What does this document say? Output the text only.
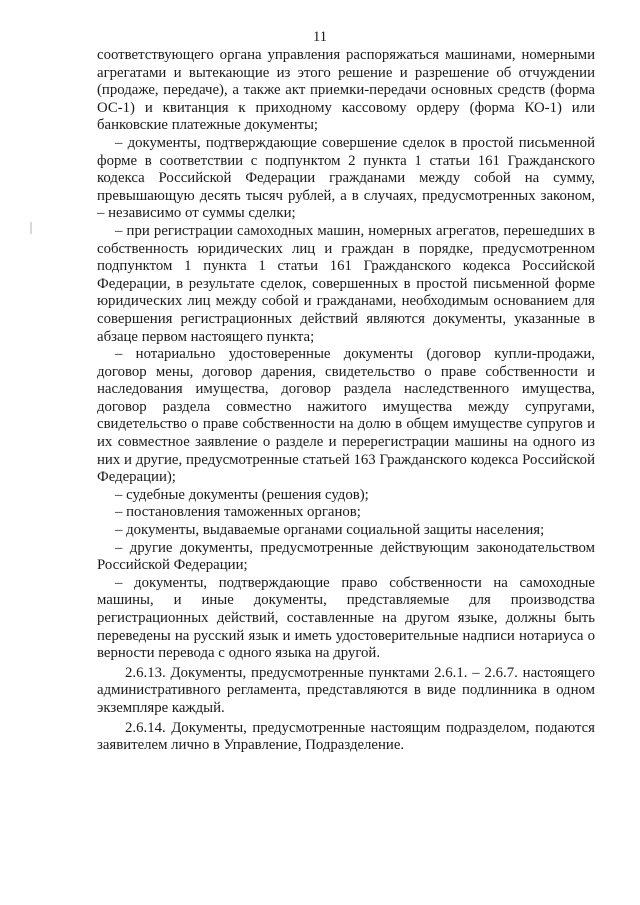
11

соответствующего органа управления распоряжаться машинами, номерными агрегатами и вытекающие из этого решение и разрешение об отчуждении (продаже, передаче), а также акт приемки-передачи основных средств (форма ОС-1) и квитанция к приходному кассовому ордеру (форма КО-1) или банковские платежные документы;

– документы, подтверждающие совершение сделок в простой письменной форме в соответствии с подпунктом 2 пункта 1 статьи 161 Гражданского кодекса Российской Федерации гражданами между собой на сумму, превышающую десять тысяч рублей, а в случаях, предусмотренных законом, – независимо от суммы сделки;

– при регистрации самоходных машин, номерных агрегатов, перешедших в собственность юридических лиц и граждан в порядке, предусмотренном подпунктом 1 пункта 1 статьи 161 Гражданского кодекса Российской Федерации, в результате сделок, совершенных в простой письменной форме юридических лиц между собой и гражданами, необходимым основанием для совершения регистрационных действий являются документы, указанные в абзаце первом настоящего пункта;

– нотариально удостоверенные документы (договор купли-продажи, договор мены, договор дарения, свидетельство о праве собственности и наследования имущества, договор раздела наследственного имущества, договор раздела совместно нажитого имущества между супругами, свидетельство о праве собственности на долю в общем имуществе супругов и их совместное заявление о разделе и перерегистрации машины на одного из них и другие, предусмотренные статьей 163 Гражданского кодекса Российской Федерации);

– судебные документы (решения судов);

– постановления таможенных органов;

– документы, выдаваемые органами социальной защиты населения;

– другие документы, предусмотренные действующим законодательством Российской Федерации;

– документы, подтверждающие право собственности на самоходные машины, и иные документы, представляемые для производства регистрационных действий, составленные на другом языке, должны быть переведены на русский язык и иметь удостоверительные надписи нотариуса о верности перевода с одного языка на другой.

2.6.13. Документы, предусмотренные пунктами 2.6.1. – 2.6.7. настоящего административного регламента, представляются в виде подлинника в одном экземпляре каждый.

2.6.14. Документы, предусмотренные настоящим подразделом, подаются заявителем лично в Управление, Подразделение.
